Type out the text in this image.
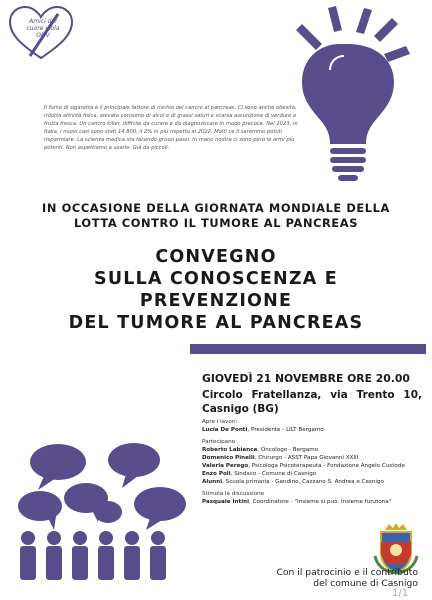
Amici del
cuore viola
ODV
Il fumo di sigaretta è il principale fattore di rischio del cancro al pancreas. Ci sono anche obesità, ridotta attività fisica, elevato consumo di alcol e di grassi saturi e scarsa assunzione di verdure e frutta fresca. Un cancro killer, difficile da curare e da diagnosticare in modo precoce. Nel 2023, in Italia, i nuovi casi sono stati 14.800, il 2% in più rispetto al 2022. Molti ce li saremmo potuti risparmiare. La scienza medica sta facendo grossi passi. In mano nostra ci sono però le armi più potenti. Non aspettiamo a usarle. Già da piccoli.
IN OCCASIONE DELLA GIORNATA MONDIALE DELLA
LOTTA CONTRO IL TUMORE AL PANCREAS
CONVEGNO
SULLA CONOSCENZA E
PREVENZIONE
DEL TUMORE AL PANCREAS
GIOVEDÌ 21 NOVEMBRE ORE 20.00
Circolo Fratellanza, via Trento 10,
Casnigo (BG)
Apre i lavori:
Lucia De Ponti, Presidente - LILT Bergamo
Partecipano
Roberto Labianca, Oncologo - Bergamo
Domenico Pinelli, Chirurgo - ASST Papa Giovanni XXIII
Valeria Perego, Psicologa Psicoterapeuta - Fondazione Angelo Custode
Enzo Poli, Sindaco - Comune di Casnigo
Alunni, Scuola primaria - Gandino, Cazzano S. Andrea e Casnigo
Stimola la discussione
Pasquale Intini, Coordinatore - "Insieme si può. Insieme funziona"
Con il patrocinio e il contributo
del comune di Casnigo
1/1
